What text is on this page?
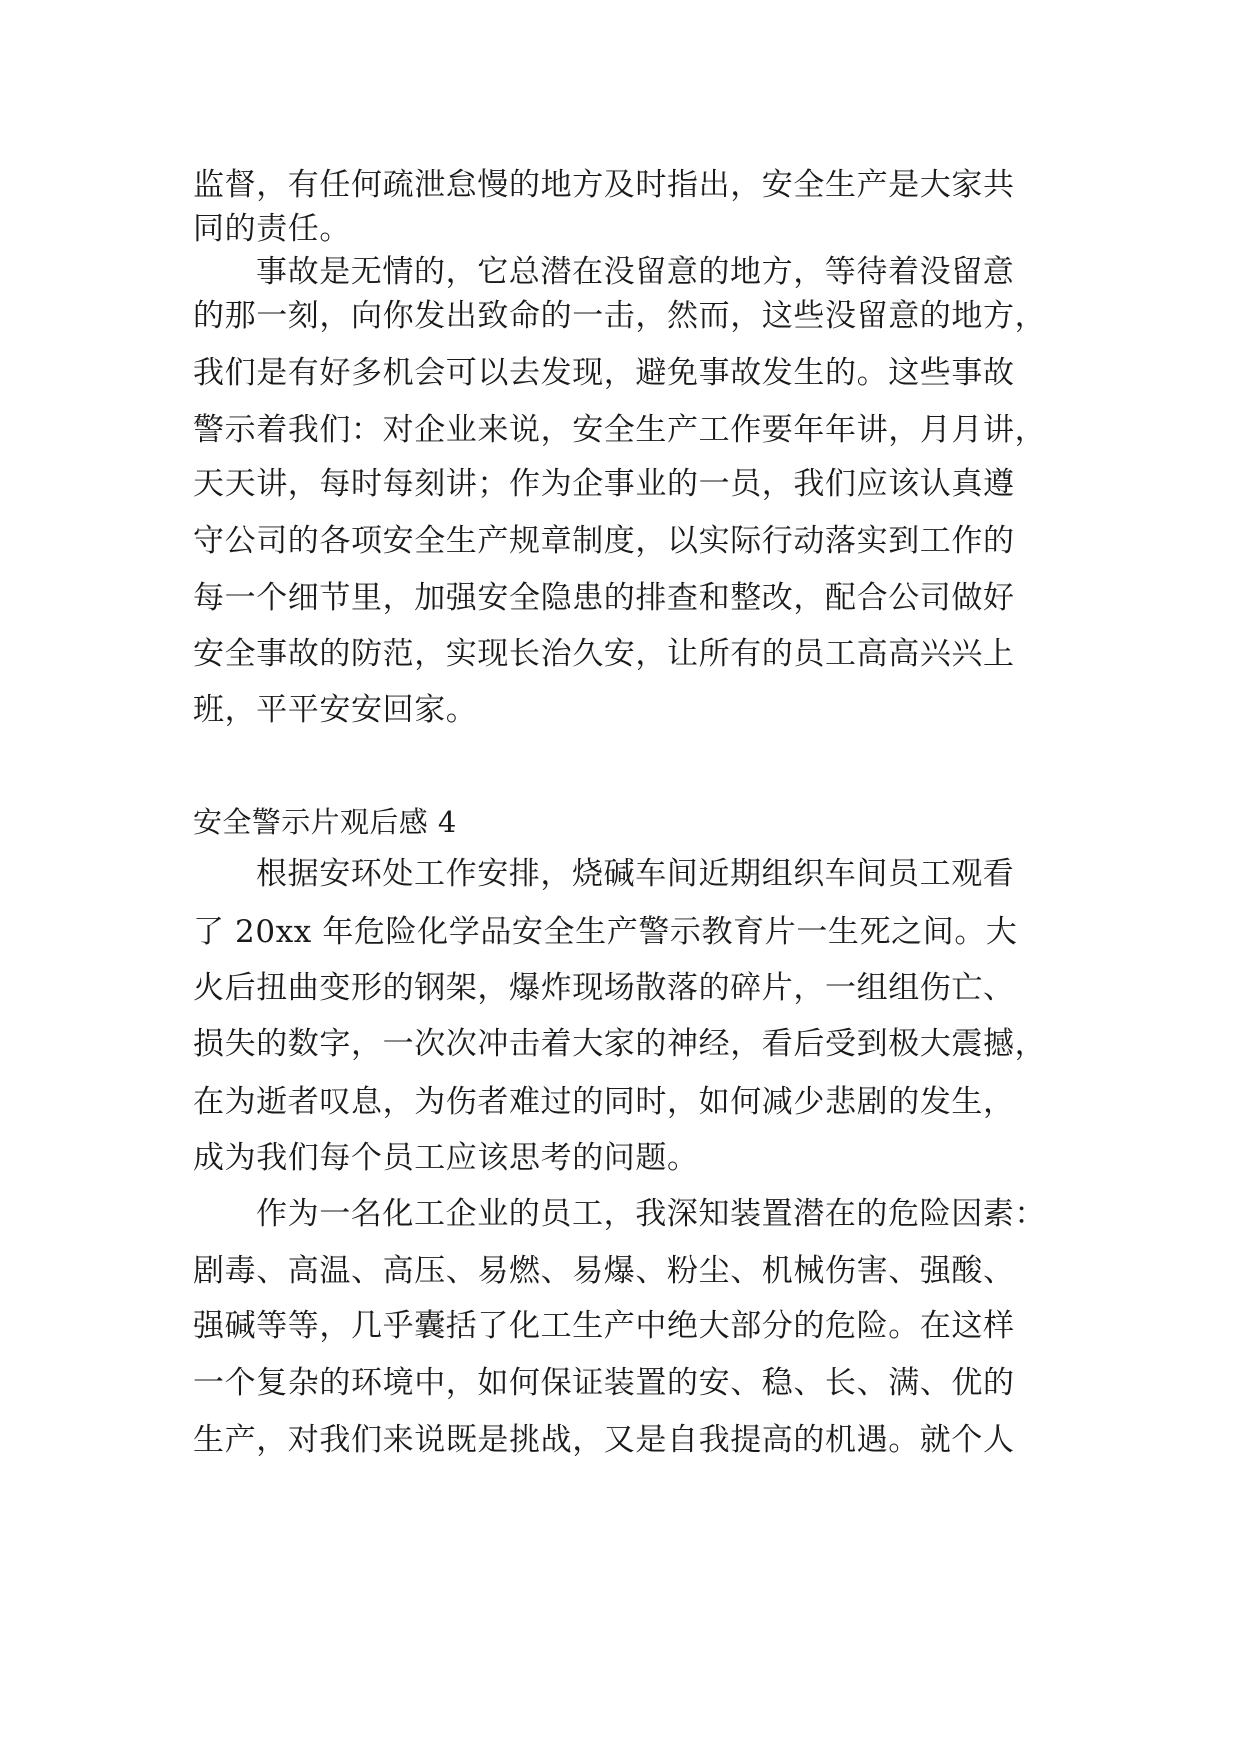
监督，有任何疏泄怠慢的地方及时指出，安全生产是大家共
同的责任。
事故是无情的，它总潜在没留意的地方，等待着没留意
的那一刻，向你发出致命的一击，然而，这些没留意的地方，
我们是有好多机会可以去发现，避免事故发生的。这些事故
警示着我们：对企业来说，安全生产工作要年年讲，月月讲，
天天讲，每时每刻讲；作为企事业的一员，我们应该认真遵
守公司的各项安全生产规章制度，以实际行动落实到工作的
每一个细节里，加强安全隐患的排查和整改，配合公司做好
安全事故的防范，实现长治久安，让所有的员工高高兴兴上
班，平平安安回家。
安全警示片观后感 4
根据安环处工作安排，烧碱车间近期组织车间员工观看
了 20xx 年危险化学品安全生产警示教育片一生死之间。大
火后扭曲变形的钢架，爆炸现场散落的碎片，一组组伤亡、
损失的数字，一次次冲击着大家的神经，看后受到极大震撼，
在为逝者叹息，为伤者难过的同时，如何减少悲剧的发生，
成为我们每个员工应该思考的问题。
作为一名化工企业的员工，我深知装置潜在的危险因素：
剧毒、高温、高压、易燃、易爆、粉尘、机械伤害、强酸、
强碱等等，几乎囊括了化工生产中绝大部分的危险。在这样
一个复杂的环境中，如何保证装置的安、稳、长、满、优的
生产，对我们来说既是挑战，又是自我提高的机遇。就个人
